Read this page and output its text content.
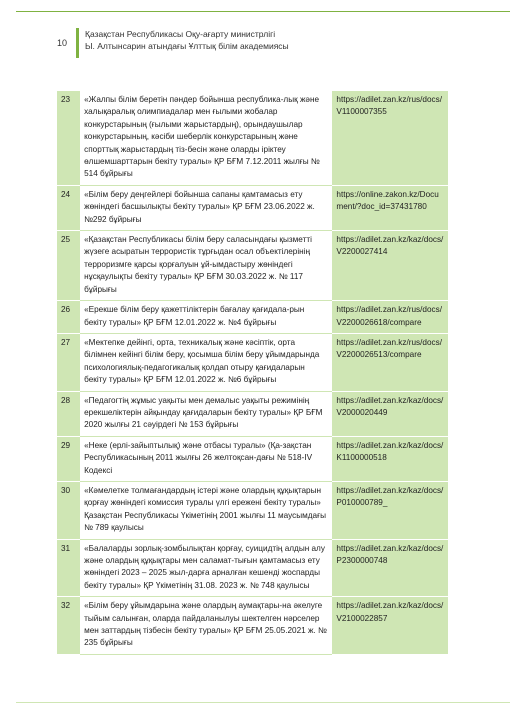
10
Қазақстан Республикасы Оқу-ағарту министрлігі
Ы. Алтынсарин атындағы Ұлттық білім академиясы
23	«Жалпы білім беретін пәндер бойынша республика-лық және халықаралық олимпиадалар мен ғылыми жобалар конкурстарының (ғылыми жарыстардың), орындаушылар конкурстарының, кәсіби шеберлік конкурстарының және спорттық жарыстардың тіз-бесін және оларды іріктеу өлшемшарттарын бекіту туралы» ҚР БҒМ 7.12.2011 жылғы № 514 бұйрығы	https://adilet.zan.kz/rus/docs/V1100007355
24	«Білім беру деңгейлері бойынша сапаны қамтамасыз ету жөніндегі басшылықты бекіту туралы» ҚР БҒМ 23.06.2022 ж. №292 бұйрығы	https://online.zakon.kz/Document/?doc_id=37431780
25	«Қазақстан Республикасы білім беру саласындағы қызметті жүзеге асыратын террористік тұрғыдан осал объектілерінің терроризмге қарсы қорғалуын ұй-ымдастыру жөніндегі нұсқаулықты бекіту туралы» ҚР БҒМ 30.03.2022 ж. № 117 бұйрығы	https://adilet.zan.kz/kaz/docs/V2200027414
26	«Ерекше білім беру қажеттіліктерін бағалау қағидала-рын бекіту туралы» ҚР БҒМ 12.01.2022 ж. №4 бұйрығы	https://adilet.zan.kz/rus/docs/V2200026618/compare
27	«Мектепке дейінгі, орта, техникалық және кәсіптік, орта білімнен кейінгі білім беру, қосымша білім беру ұйымдарында психологиялық-педагогикалық қолдап отыру қағидаларын бекіту туралы» ҚР БҒМ 12.01.2022 ж. №6 бұйрығы	https://adilet.zan.kz/rus/docs/V2200026513/compare
28	«Педагогтің жұмыс уақыты мен демалыс уақыты режимінің ерекшеліктерін айқындау қағидаларын бекіту туралы» ҚР БҒМ 2020 жылғы 21 сәуірдегі № 153 бұйрығы	https://adilet.zan.kz/kaz/docs/V2000020449
29	«Неке (ерлі-зайыптылық) және отбасы туралы» (Қа-зақстан Республикасының 2011 жылғы 26 желтоқсан-дағы № 518-IV Кодексі	https://adilet.zan.kz/kaz/docs/K1100000518
30	«Кәмелетке толмағандардың істері және олардың құқықтарын қорғау жөніндегі комиссия туралы үлгі ережені бекіту туралы» Қазақстан Республикасы Үкіметінің 2001 жылғы 11 маусымдағы № 789 қаулысы	https://adilet.zan.kz/kaz/docs/P010000789_
31	«Балаларды зорлық-зомбылықтан қорғау, суицидтің алдын алу және олардың құқықтары мен саламат-тығын қамтамасыз ету жөніндегі 2023 – 2025 жыл-дарға арналған кешенді жоспарды бекіту туралы» ҚР Үкіметінің 31.08. 2023 ж. № 748 қаулысы	https://adilet.zan.kz/kaz/docs/P2300000748
32	«Білім беру ұйымдарына және олардың аумақтары-на әкелуге тыйым салынған, оларда пайдаланылуы шектелген нәрселер мен заттардың тізбесін бекіту туралы» ҚР БҒМ 25.05.2021 ж. № 235 бұйрығы	https://adilet.zan.kz/kaz/docs/V2100022857
